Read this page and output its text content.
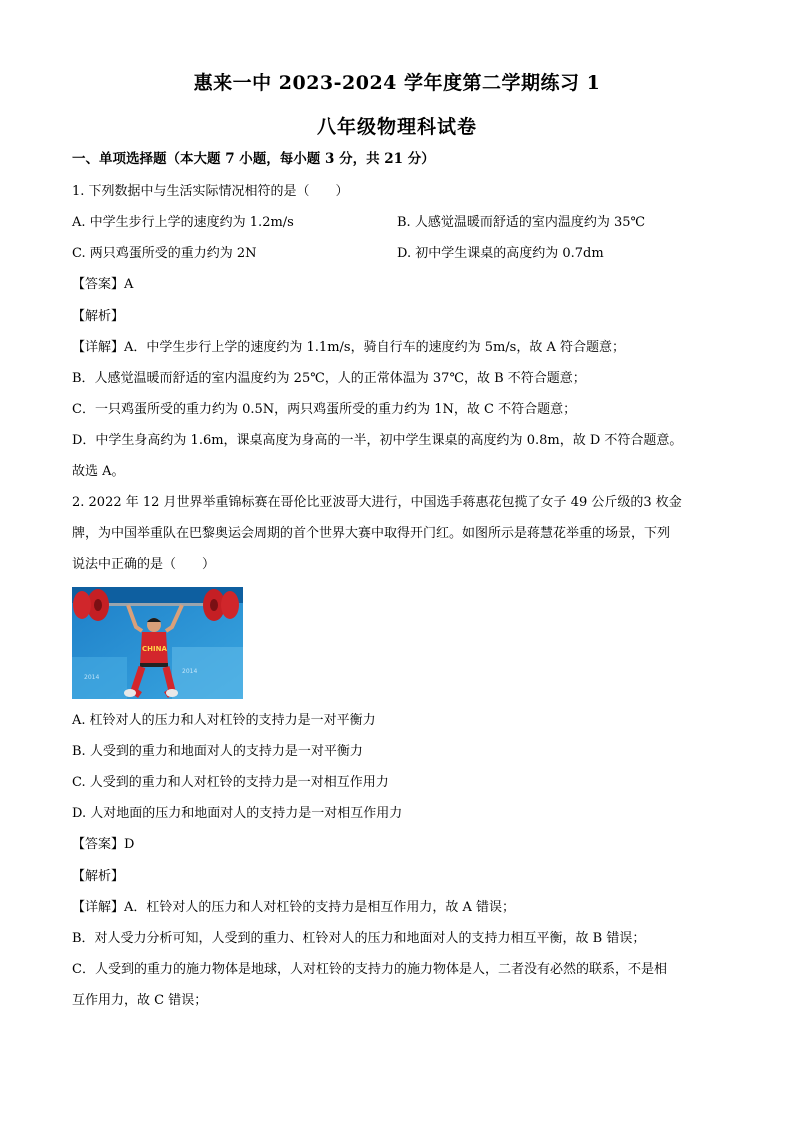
惠来一中 2023-2024 学年度第二学期练习 1
八年级物理科试卷
一、单项选择题（本大题 7 小题，每小题 3 分，共 21 分）
1. 下列数据中与生活实际情况相符的是（　　）
A. 中学生步行上学的速度约为 1.2m/s	B. 人感觉温暖而舒适的室内温度约为 35℃
C. 两只鸡蛋所受的重力约为 2N	D. 初中学生课桌的高度约为 0.7dm
【答案】A
【解析】
【详解】A．中学生步行上学的速度约为 1.1m/s，骑自行车的速度约为 5m/s，故 A 符合题意；
B．人感觉温暖而舒适的室内温度约为 25℃，人的正常体温为 37℃，故 B 不符合题意；
C．一只鸡蛋所受的重力约为 0.5N，两只鸡蛋所受的重力约为 1N，故 C 不符合题意；
D．中学生身高约为 1.6m，课桌高度为身高的一半，初中学生课桌的高度约为 0.8m，故 D 不符合题意。
故选 A。
2. 2022 年 12 月世界举重锦标赛在哥伦比亚波哥大进行，中国选手蒋惠花包揽了女子 49 公斤级的3 枚金
牌，为中国举重队在巴黎奥运会周期的首个世界大赛中取得开门红。如图所示是蒋慧花举重的场景，下列
说法中正确的是（　　）
2014
2014
CHINA
A. 杠铃对人的压力和人对杠铃的支持力是一对平衡力
B. 人受到的重力和地面对人的支持力是一对平衡力
C. 人受到的重力和人对杠铃的支持力是一对相互作用力
D. 人对地面的压力和地面对人的支持力是一对相互作用力
【答案】D
【解析】
【详解】A．杠铃对人的压力和人对杠铃的支持力是相互作用力，故 A 错误；
B．对人受力分析可知，人受到的重力、杠铃对人的压力和地面对人的支持力相互平衡，故 B 错误；
C．人受到的重力的施力物体是地球，人对杠铃的支持力的施力物体是人，二者没有必然的联系，不是相
互作用力，故 C 错误；
